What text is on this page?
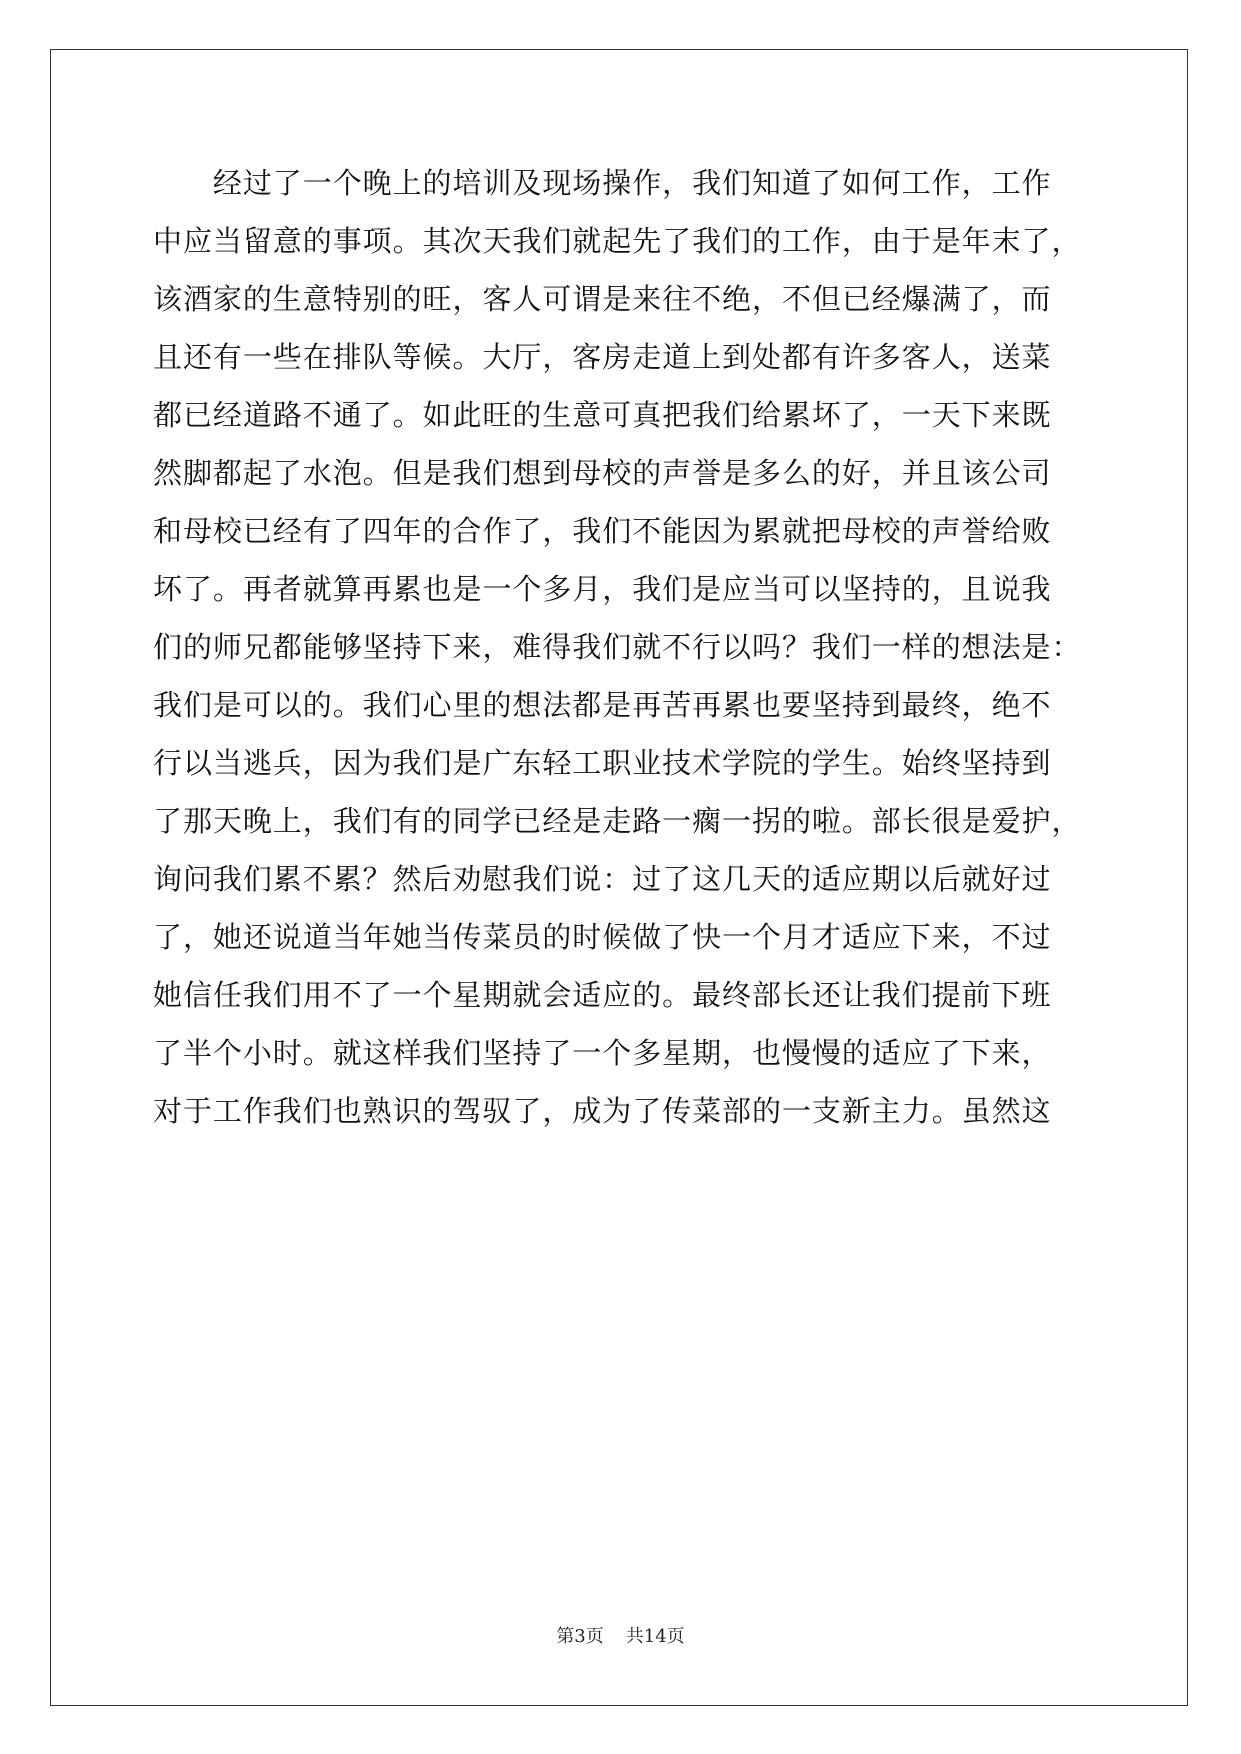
　　经过了一个晚上的培训及现场操作，我们知道了如何工作，工作
中应当留意的事项。其次天我们就起先了我们的工作，由于是年末了，
该酒家的生意特别的旺，客人可谓是来往不绝，不但已经爆满了，而
且还有一些在排队等候。大厅，客房走道上到处都有许多客人，送菜
都已经道路不通了。如此旺的生意可真把我们给累坏了，一天下来既
然脚都起了水泡。但是我们想到母校的声誉是多么的好，并且该公司
和母校已经有了四年的合作了，我们不能因为累就把母校的声誉给败
坏了。再者就算再累也是一个多月，我们是应当可以坚持的，且说我
们的师兄都能够坚持下来，难得我们就不行以吗？我们一样的想法是：
我们是可以的。我们心里的想法都是再苦再累也要坚持到最终，绝不
行以当逃兵，因为我们是广东轻工职业技术学院的学生。始终坚持到
了那天晚上，我们有的同学已经是走路一瘸一拐的啦。部长很是爱护，
询问我们累不累？然后劝慰我们说：过了这几天的适应期以后就好过
了，她还说道当年她当传菜员的时候做了快一个月才适应下来，不过
她信任我们用不了一个星期就会适应的。最终部长还让我们提前下班
了半个小时。就这样我们坚持了一个多星期，也慢慢的适应了下来，
对于工作我们也熟识的驾驭了，成为了传菜部的一支新主力。虽然这
第3页 共14页
